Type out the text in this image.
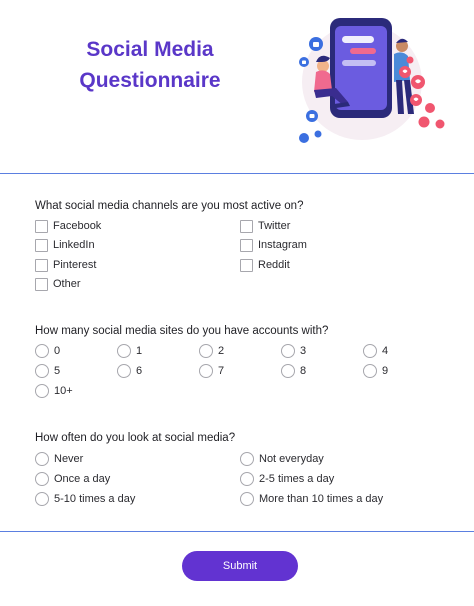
Social Media
Questionnaire

What social media channels are you most active on?

Facebook	Twitter
LinkedIn	Instagram
Pinterest	Reddit
Other

How many social media sites do you have accounts with?

0	1	2	3	4
5	6	7	8	9
10+

How often do you look at social media?

Never	Not everyday
Once a day	2-5 times a day
5-10 times a day	More than 10 times a day
Submit
